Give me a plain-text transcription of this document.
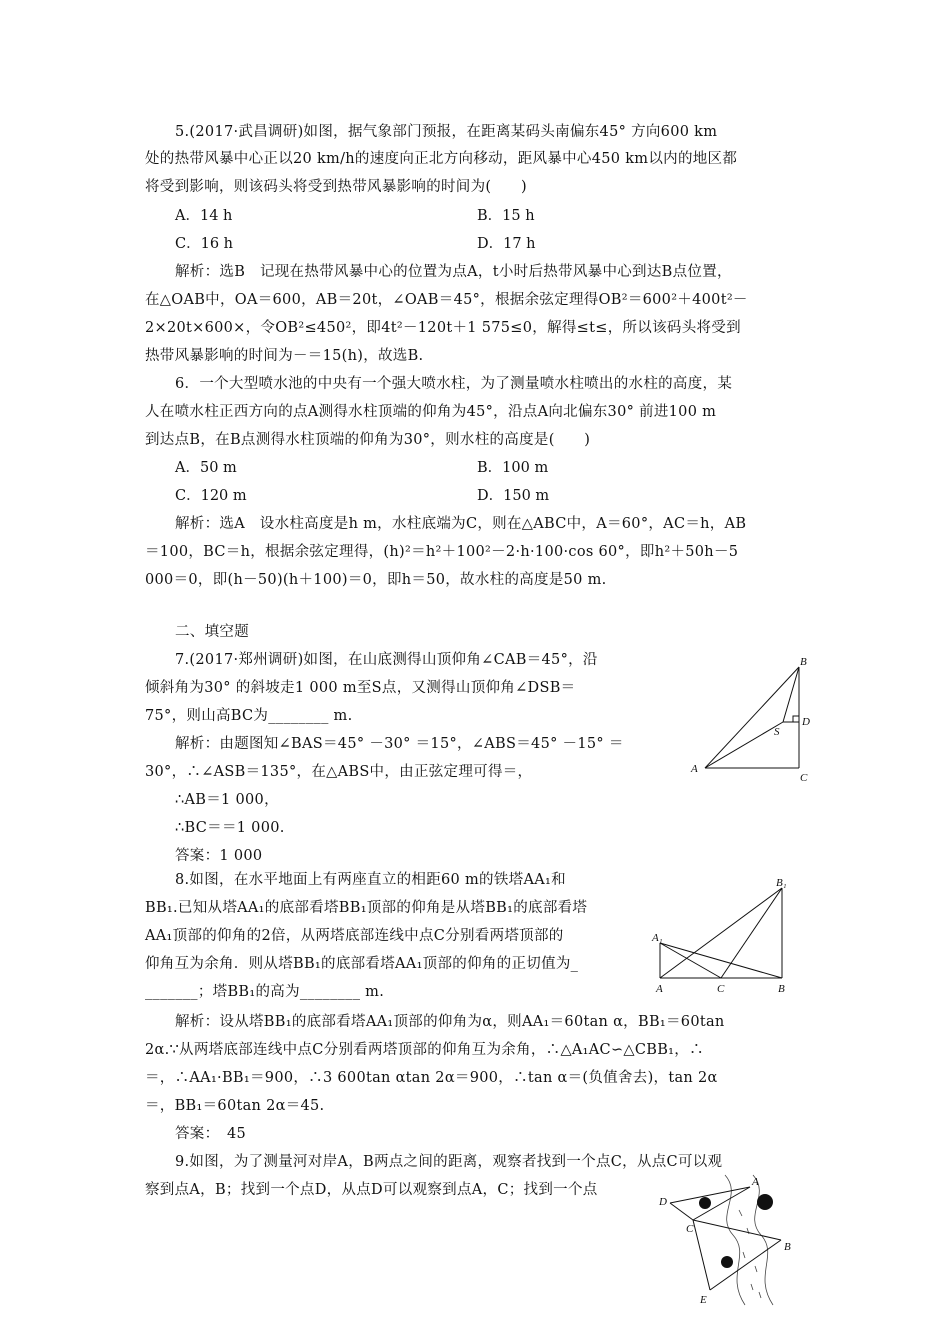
5.(2017·武昌调研)如图，据气象部门预报，在距离某码头南偏东45° 方向600 km
处的热带风暴中心正以20 km/h的速度向正北方向移动，距风暴中心450 km以内的地区都
将受到影响，则该码头将受到热带风暴影响的时间为(　　)
A．14 h	B．15 h
C．16 h	D．17 h
解析：选B　记现在热带风暴中心的位置为点A，t小时后热带风暴中心到达B点位置，
在△OAB中，OA＝600，AB＝20t，∠OAB＝45°，根据余弦定理得OB²＝600²＋400t²－
2×20t×600×，令OB²≤450²，即4t²－120t＋1 575≤0，解得≤t≤，所以该码头将受到
热带风暴影响的时间为－＝15(h)，故选B.
6．一个大型喷水池的中央有一个强大喷水柱，为了测量喷水柱喷出的水柱的高度，某
人在喷水柱正西方向的点A测得水柱顶端的仰角为45°，沿点A向北偏东30° 前进100 m
到达点B，在B点测得水柱顶端的仰角为30°，则水柱的高度是(　　)
A．50 m	B．100 m
C．120 m	D．150 m
解析：选A　设水柱高度是h m，水柱底端为C，则在△ABC中，A＝60°，AC＝h，AB
＝100，BC＝h，根据余弦定理得，(h)²＝h²＋100²－2·h·100·cos 60°，即h²＋50h－5
000＝0，即(h－50)(h＋100)＝0，即h＝50，故水柱的高度是50 m.
二、填空题
7.(2017·郑州调研)如图，在山底测得山顶仰角∠CAB＝45°，沿
倾斜角为30° 的斜坡走1 000 m至S点，又测得山顶仰角∠DSB＝
75°，则山高BC为________ m.
解析：由题图知∠BAS＝45° －30° ＝15°，∠ABS＝45° －15° ＝
30°，∴∠ASB＝135°，在△ABS中，由正弦定理可得＝，
∴AB＝1 000，
∴BC＝＝1 000.
答案：1 000
B
D
S
A
C
8.如图，在水平地面上有两座直立的相距60 m的铁塔AA₁和
BB₁.已知从塔AA₁的底部看塔BB₁顶部的仰角是从塔BB₁的底部看塔
AA₁顶部的仰角的2倍，从两塔底部连线中点C分别看两塔顶部的
仰角互为余角．则从塔BB₁的底部看塔AA₁顶部的仰角的正切值为_
_______；塔BB₁的高为________ m.
B₁
A₁
A	C	B
解析：设从塔BB₁的底部看塔AA₁顶部的仰角为α，则AA₁＝60tan α，BB₁＝60tan
2α.∵从两塔底部连线中点C分别看两塔顶部的仰角互为余角，∴△A₁AC∽△CBB₁，∴
＝，∴AA₁·BB₁＝900，∴3 600tan αtan 2α＝900，∴tan α＝(负值舍去)，tan 2α
＝，BB₁＝60tan 2α＝45.
答案：　45
9.如图，为了测量河对岸A，B两点之间的距离，观察者找到一个点C，从点C可以观
察到点A，B；找到一个点D，从点D可以观察到点A，C；找到一个点
D
A
C
B
E
